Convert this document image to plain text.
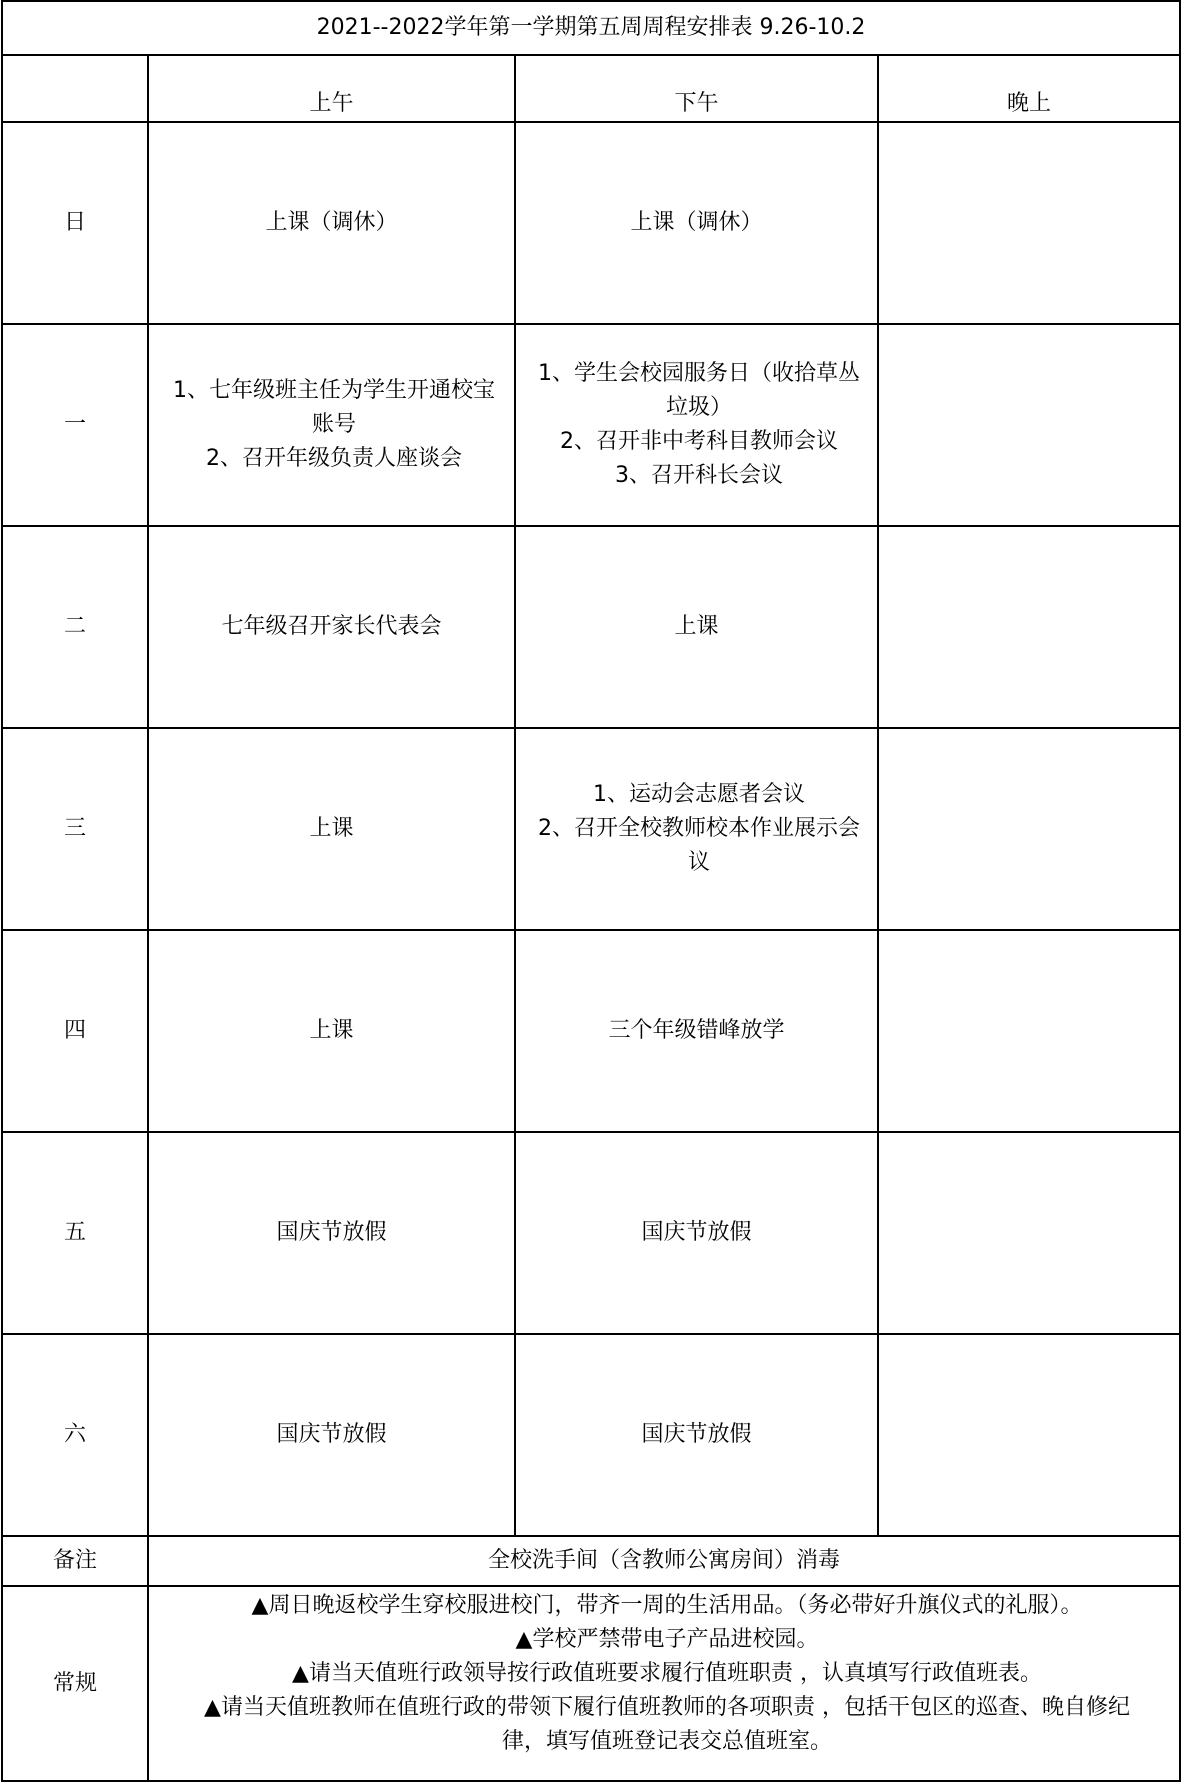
2021--2022学年第一学期第五周周程安排表 9.26-10.2			
	上午	下午	晚上
日	上课（调休）	上课（调休）	

一	1、七年级班主任为学生开通校宝
账号
2、召开年级负责人座谈会	1、学生会校园服务日（收拾草丛
垃圾）
2、召开非中考科目教师会议
3、召开科长会议	

二	七年级召开家长代表会	上课	

三	上课	1、运动会志愿者会议
2、召开全校教师校本作业展示会
议	

四	上课	三个年级错峰放学	

五	国庆节放假	国庆节放假	

六	国庆节放假	国庆节放假	

备注	全校洗手间（含教师公寓房间）消毒		
常规	▲周日晚返校学生穿校服进校门，带齐一周的生活用品。（务必带好升旗仪式的礼服）。
▲学校严禁带电子产品进校园。
▲请当天值班行政领导按行政值班要求履行值班职责 ，认真填写行政值班表。
▲请当天值班教师在值班行政的带领下履行值班教师的各项职责 ，包括干包区的巡查、晚自修纪
律，填写值班登记表交总值班室。		
